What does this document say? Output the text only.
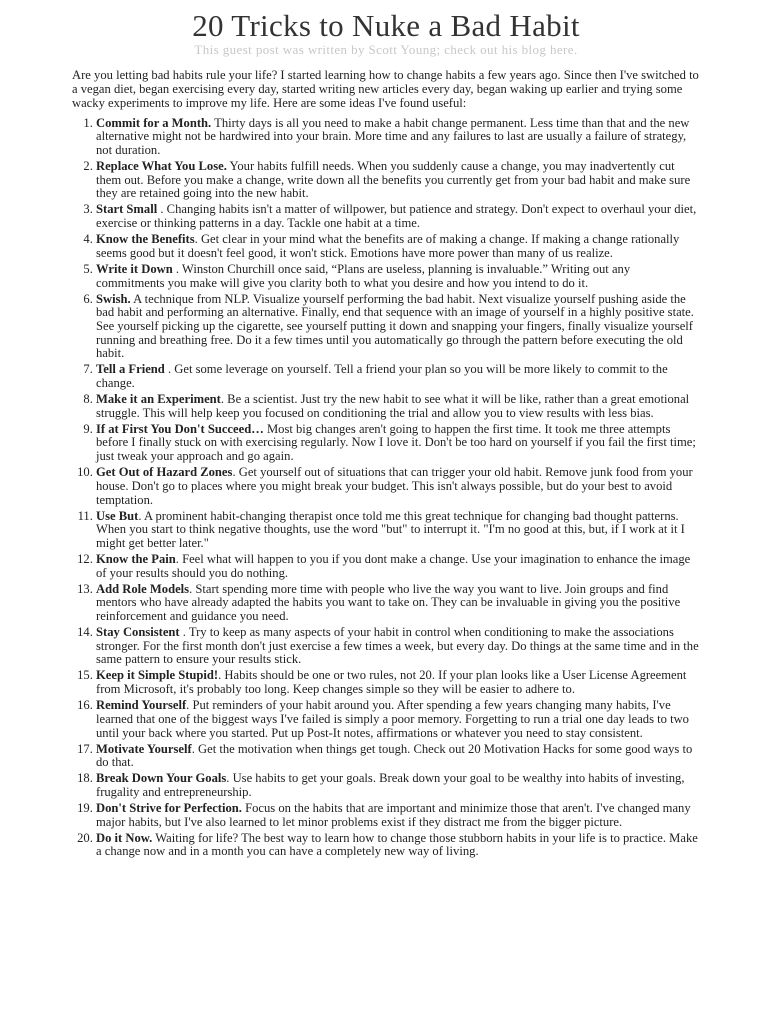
20 Tricks to Nuke a Bad Habit
This guest post was written by Scott Young; check out his blog here.

Are you letting bad habits rule your life? I started learning how to change habits a few years ago. Since then I've switched to a vegan diet, began exercising every day, started writing new articles every day, began waking up earlier and trying some wacky experiments to improve my life. Here are some ideas I've found useful:

1. Commit for a Month. Thirty days is all you need to make a habit change permanent. Less time than that and the new alternative might not be hardwired into your brain. More time and any failures to last are usually a failure of strategy, not duration.
2. Replace What You Lose. Your habits fulfill needs. When you suddenly cause a change, you may inadvertently cut them out. Before you make a change, write down all the benefits you currently get from your bad habit and make sure they are retained going into the new habit.
3. Start Small . Changing habits isn't a matter of willpower, but patience and strategy. Don't expect to overhaul your diet, exercise or thinking patterns in a day. Tackle one habit at a time.
4. Know the Benefits. Get clear in your mind what the benefits are of making a change. If making a change rationally seems good but it doesn't feel good, it won't stick. Emotions have more power than many of us realize.
5. Write it Down . Winston Churchill once said, “Plans are useless, planning is invaluable.” Writing out any commitments you make will give you clarity both to what you desire and how you intend to do it.
6. Swish. A technique from NLP. Visualize yourself performing the bad habit. Next visualize yourself pushing aside the bad habit and performing an alternative. Finally, end that sequence with an image of yourself in a highly positive state. See yourself picking up the cigarette, see yourself putting it down and snapping your fingers, finally visualize yourself running and breathing free. Do it a few times until you automatically go through the pattern before executing the old habit.
7. Tell a Friend . Get some leverage on yourself. Tell a friend your plan so you will be more likely to commit to the change.
8. Make it an Experiment. Be a scientist. Just try the new habit to see what it will be like, rather than a great emotional struggle. This will help keep you focused on conditioning the trial and allow you to view results with less bias.
9. If at First You Don't Succeed… Most big changes aren't going to happen the first time. It took me three attempts before I finally stuck on with exercising regularly. Now I love it. Don't be too hard on yourself if you fail the first time; just tweak your approach and go again.
10. Get Out of Hazard Zones. Get yourself out of situations that can trigger your old habit. Remove junk food from your house. Don't go to places where you might break your budget. This isn't always possible, but do your best to avoid temptation.
11. Use But. A prominent habit-changing therapist once told me this great technique for changing bad thought patterns. When you start to think negative thoughts, use the word "but" to interrupt it. "I'm no good at this, but, if I work at it I might get better later."
12. Know the Pain. Feel what will happen to you if you dont make a change. Use your imagination to enhance the image of your results should you do nothing.
13. Add Role Models. Start spending more time with people who live the way you want to live. Join groups and find mentors who have already adapted the habits you want to take on. They can be invaluable in giving you the positive reinforcement and guidance you need.
14. Stay Consistent . Try to keep as many aspects of your habit in control when conditioning to make the associations stronger. For the first month don't just exercise a few times a week, but every day. Do things at the same time and in the same pattern to ensure your results stick.
15. Keep it Simple Stupid!. Habits should be one or two rules, not 20. If your plan looks like a User License Agreement from Microsoft, it's probably too long. Keep changes simple so they will be easier to adhere to.
16. Remind Yourself. Put reminders of your habit around you. After spending a few years changing many habits, I've learned that one of the biggest ways I've failed is simply a poor memory. Forgetting to run a trial one day leads to two until your back where you started. Put up Post-It notes, affirmations or whatever you need to stay consistent.
17. Motivate Yourself. Get the motivation when things get tough. Check out 20 Motivation Hacks for some good ways to do that.
18. Break Down Your Goals. Use habits to get your goals. Break down your goal to be wealthy into habits of investing, frugality and entrepreneurship.
19. Don't Strive for Perfection. Focus on the habits that are important and minimize those that aren't. I've changed many major habits, but I've also learned to let minor problems exist if they distract me from the bigger picture.
20. Do it Now. Waiting for life? The best way to learn how to change those stubborn habits in your life is to practice. Make a change now and in a month you can have a completely new way of living.
